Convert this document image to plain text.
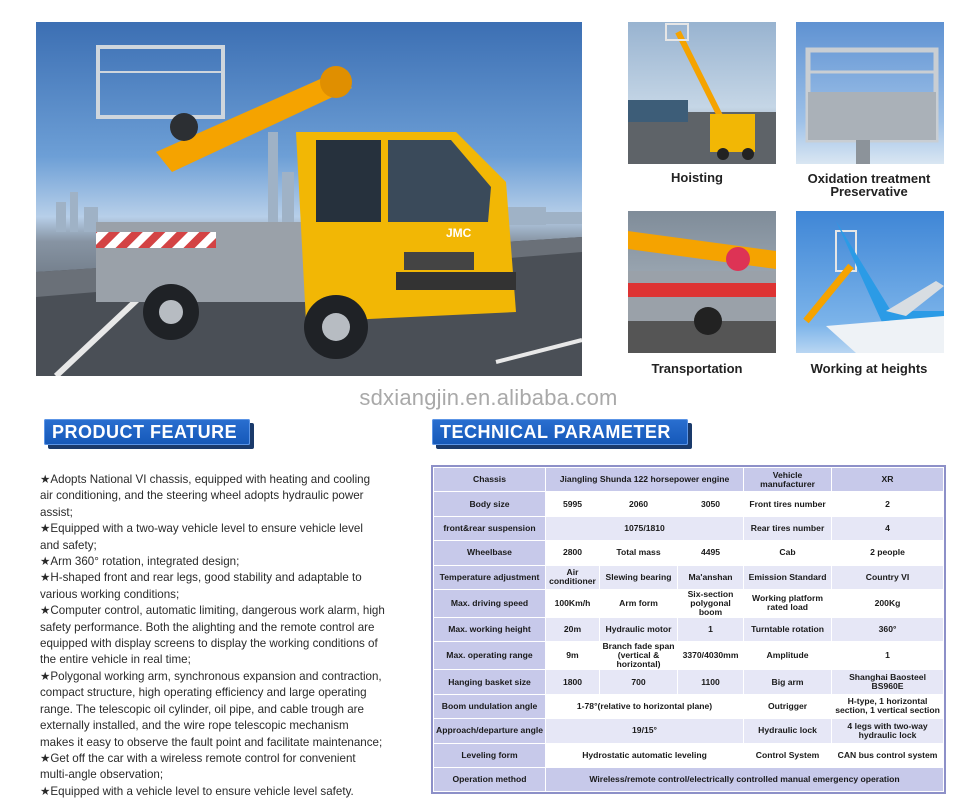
JMC
Hoisting	Oxidation treatment
Preservative
Transportation	Working at heights
sdxiangjin.en.alibaba.com
PRODUCT FEATURE	TECHNICAL PARAMETER

★Adopts National VI chassis, equipped with heating and cooling air conditioning, and the steering wheel adopts hydraulic power assist;

★Equipped with a two-way vehicle level to ensure vehicle level and safety;

★Arm 360° rotation, integrated design;

★H-shaped front and rear legs, good stability and adaptable to various working conditions;

★Computer control, automatic limiting, dangerous work alarm, high safety performance. Both the alighting and the remote control are equipped with display screens to display the working conditions of the entire vehicle in real time;

★Polygonal working arm, synchronous expansion and contraction, compact structure, high operating efficiency and large operating range. The telescopic oil cylinder, oil pipe, and cable trough are externally installed, and the wire rope telescopic mechanism makes it easy to observe the fault point and facilitate maintenance;

★Get off the car with a wireless remote control for convenient multi-angle observation;

★Equipped with a vehicle level to ensure vehicle level safety.

Chassis	Jiangling Shunda 122 horsepower engine			Vehicle manufacturer	XR
Body size	5995	2060	3050	Front tires number	2
front&rear suspension	1075/1810			Rear tires number	4
Wheelbase	2800	Total mass	4495	Cab	2 people
Temperature adjustment	Air conditioner	Slewing bearing	Ma'anshan	Emission Standard	Country VI
Max. driving speed	100Km/h	Arm form	Six-section polygonal boom	Working platform rated load	200Kg
Max. working height	20m	Hydraulic motor	1	Turntable rotation	360°
Max. operating range	9m	Branch fade span (vertical & horizontal)	3370/4030mm	Amplitude	1
Hanging basket size	1800	700	1100	Big arm	Shanghai Baosteel BS960E
Boom undulation angle	1-78°(relative to horizontal plane)			Outrigger	H-type, 1 horizontal section, 1 vertical section
Approach/departure angle	19/15°			Hydraulic lock	4 legs with two-way hydraulic lock
Leveling form	Hydrostatic automatic leveling			Control System	CAN bus control system
Operation method	Wireless/remote control/electrically controlled manual emergency operation				
